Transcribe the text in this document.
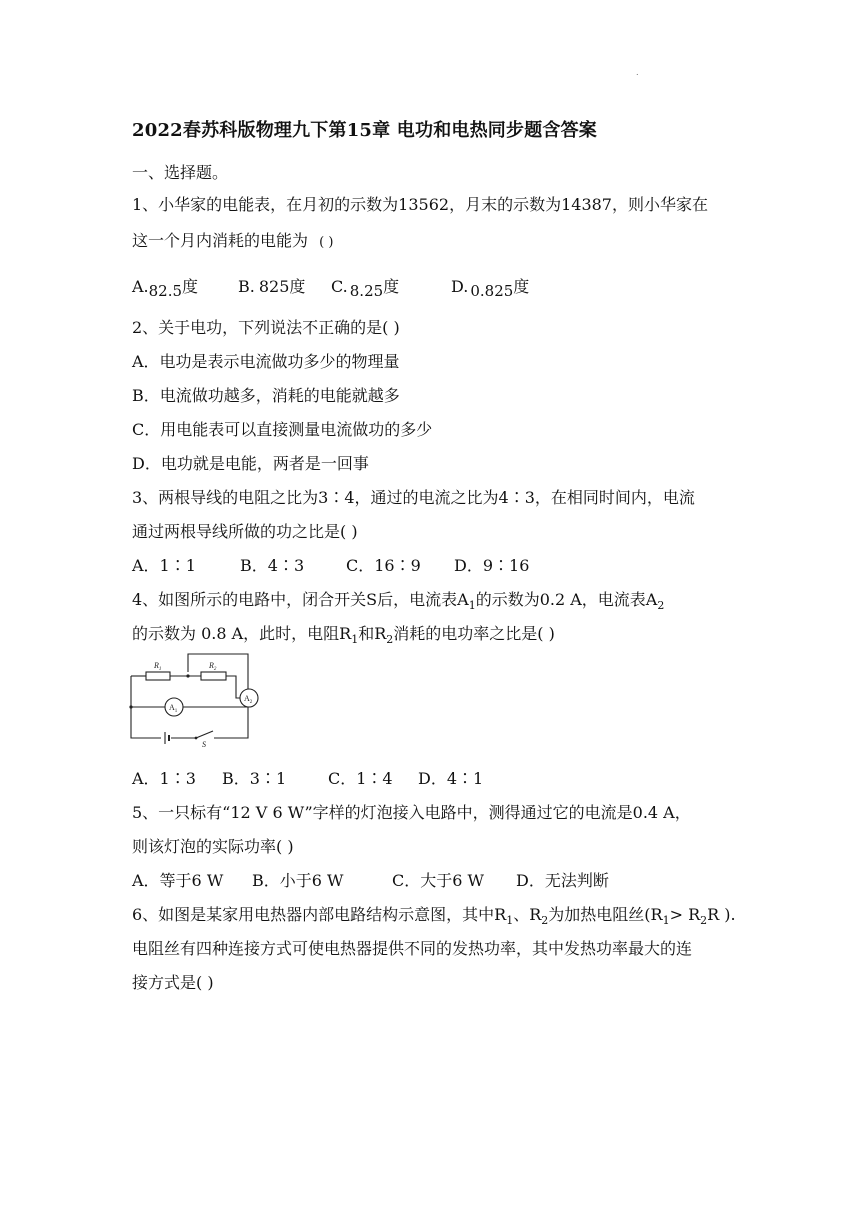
.
2022春苏科版物理九下第15章 电功和电热同步题含答案
一、选择题。
1、小华家的电能表，在月初的示数为13562，月末的示数为14387，则小华家在
这一个月内消耗的电能为 ( )
A.82.5度 B. 825度 C. 8.25度	D. 0.825度
2、关于电功，下列说法不正确的是( )
A．电功是表示电流做功多少的物理量
B．电流做功越多，消耗的电能就越多
C．用电能表可以直接测量电流做功的多少
D．电功就是电能，两者是一回事
3、两根导线的电阻之比为3∶4，通过的电流之比为4∶3，在相同时间内，电流
通过两根导线所做的功之比是( )
A．1∶1	B．4∶3	C．16∶9 D．9∶16
4、如图所示的电路中，闭合开关S后，电流表$A_1$的示数为0.2 A，电流表$A_2$
的示数为 0.8 A，此时，电阻$R_1$和$R_2$消耗的电功率之比是( )
$R_1$	$R_2$
$A_1$
$A_2$
S
A．1∶3 B．3∶1	C．1∶4 D．4∶1
5、一只标有“12 V 6 W”字样的灯泡接入电路中，测得通过它的电流是0.4 A，
则该灯泡的实际功率( )
A．等于6 W B．小于6 W	C．大于6 W D．无法判断
6、如图是某家用电热器内部电路结构示意图，其中$R_1$、$R_2$为加热电阻丝($R_1> R_2R$ ).
电阻丝有四种连接方式可使电热器提供不同的发热功率，其中发热功率最大的连
接方式是( )
